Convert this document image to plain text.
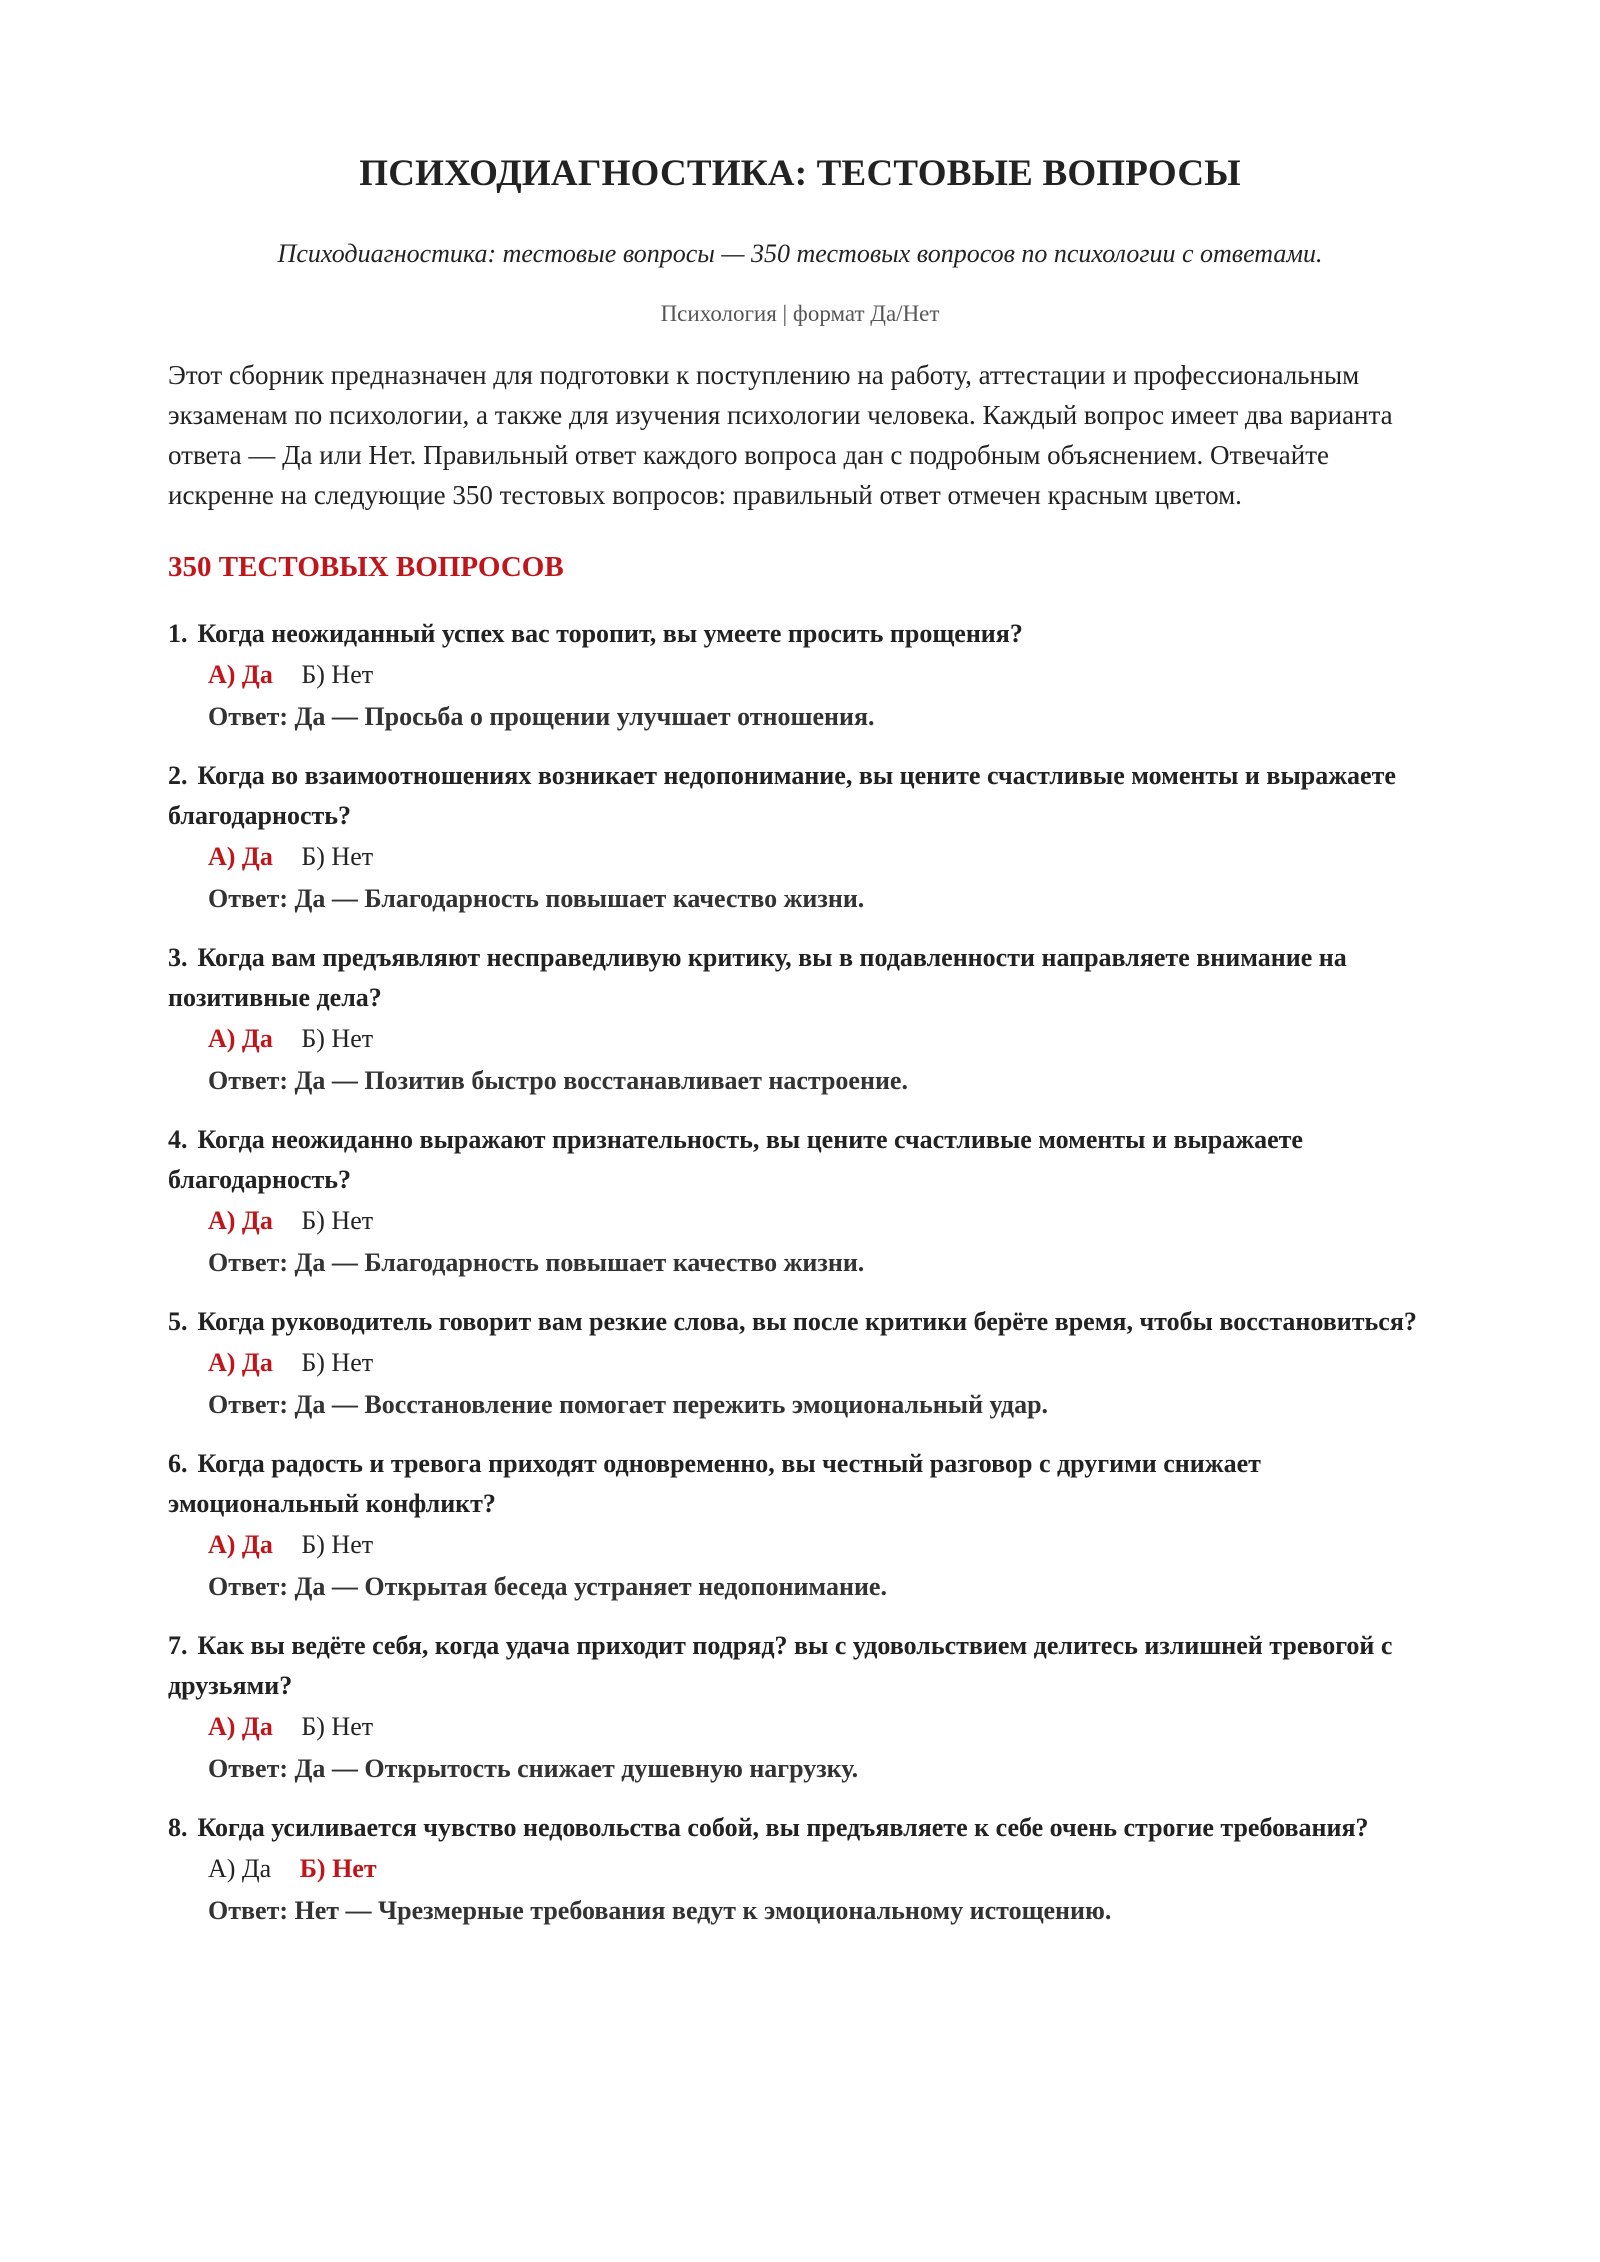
ПСИХОДИАГНОСТИКА: ТЕСТОВЫЕ ВОПРОСЫ

Психодиагностика: тестовые вопросы — 350 тестовых вопросов по психологии с ответами.

Психология | формат Да/Нет

Этот сборник предназначен для подготовки к поступлению на работу, аттестации и профессиональным экзаменам по психологии, а также для изучения психологии человека. Каждый вопрос имеет два варианта ответа — Да или Нет. Правильный ответ каждого вопроса дан с подробным объяснением. Отвечайте искренне на следующие 350 тестовых вопросов: правильный ответ отмечен красным цветом.

350 ТЕСТОВЫХ ВОПРОСОВ

1. Когда неожиданный успех вас торопит, вы умеете просить прощения?

А) Да Б) Нет

Ответ: Да — Просьба о прощении улучшает отношения.

2. Когда во взаимоотношениях возникает недопонимание, вы цените счастливые моменты и выражаете благодарность?

А) Да Б) Нет

Ответ: Да — Благодарность повышает качество жизни.

3. Когда вам предъявляют несправедливую критику, вы в подавленности направляете внимание на позитивные дела?

А) Да Б) Нет

Ответ: Да — Позитив быстро восстанавливает настроение.

4. Когда неожиданно выражают признательность, вы цените счастливые моменты и выражаете благодарность?

А) Да Б) Нет

Ответ: Да — Благодарность повышает качество жизни.

5. Когда руководитель говорит вам резкие слова, вы после критики берёте время, чтобы восстановиться?

А) Да Б) Нет

Ответ: Да — Восстановление помогает пережить эмоциональный удар.

6. Когда радость и тревога приходят одновременно, вы честный разговор с другими снижает эмоциональный конфликт?

А) Да Б) Нет

Ответ: Да — Открытая беседа устраняет недопонимание.

7. Как вы ведёте себя, когда удача приходит подряд? вы с удовольствием делитесь излишней тревогой с друзьями?

А) Да Б) Нет

Ответ: Да — Открытость снижает душевную нагрузку.

8. Когда усиливается чувство недовольства собой, вы предъявляете к себе очень строгие требования?

А) Да Б) Нет

Ответ: Нет — Чрезмерные требования ведут к эмоциональному истощению.
